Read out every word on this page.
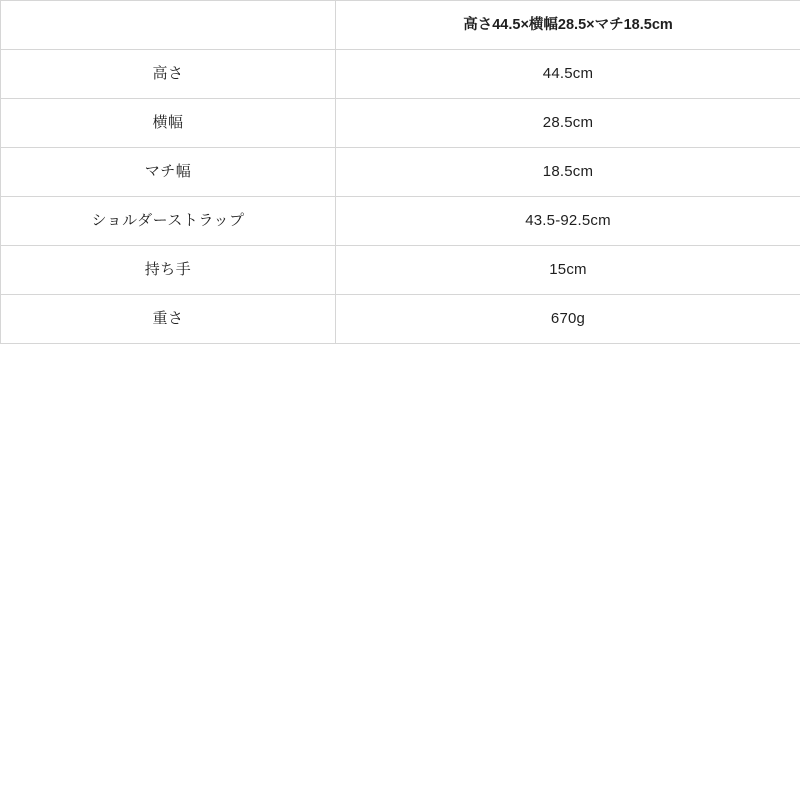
	高さ44.5×横幅28.5×マチ18.5cm
高さ	44.5cm
横幅	28.5cm
マチ幅	18.5cm
ショルダーストラップ	43.5-92.5cm
持ち手	15cm
重さ	670g
